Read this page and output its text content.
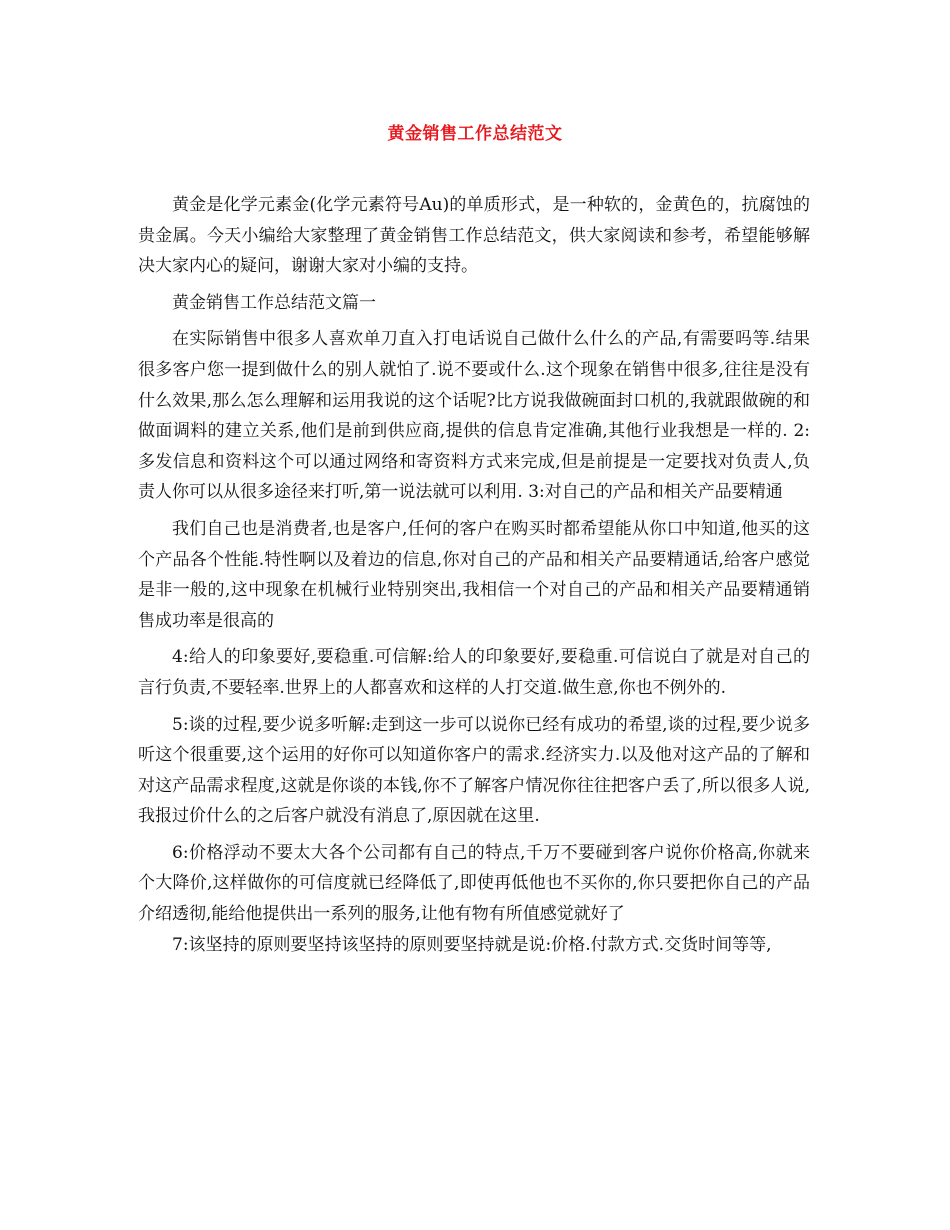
黄金销售工作总结范文

黄金是化学元素金(化学元素符号Au)的单质形式，是一种软的，金黄色的，抗腐蚀的贵金属。今天小编给大家整理了黄金销售工作总结范文，供大家阅读和参考，希望能够解决大家内心的疑问，谢谢大家对小编的支持。

黄金销售工作总结范文篇一

在实际销售中很多人喜欢单刀直入打电话说自己做什么什么的产品,有需要吗等.结果很多客户您一提到做什么的别人就怕了.说不要或什么.这个现象在销售中很多,往往是没有什么效果,那么怎么理解和运用我说的这个话呢?比方说我做碗面封口机的,我就跟做碗的和做面调料的建立关系,他们是前到供应商,提供的信息肯定准确,其他行业我想是一样的. 2:多发信息和资料这个可以通过网络和寄资料方式来完成,但是前提是一定要找对负责人,负责人你可以从很多途径来打听,第一说法就可以利用. 3:对自己的产品和相关产品要精通

我们自己也是消费者,也是客户,任何的客户在购买时都希望能从你口中知道,他买的这个产品各个性能.特性啊以及着边的信息,你对自己的产品和相关产品要精通话,给客户感觉是非一般的,这中现象在机械行业特别突出,我相信一个对自己的产品和相关产品要精通销售成功率是很高的

4:给人的印象要好,要稳重.可信解:给人的印象要好,要稳重.可信说白了就是对自己的言行负责,不要轻率.世界上的人都喜欢和这样的人打交道.做生意,你也不例外的.

5:谈的过程,要少说多听解:走到这一步可以说你已经有成功的希望,谈的过程,要少说多听这个很重要,这个运用的好你可以知道你客户的需求.经济实力.以及他对这产品的了解和对这产品需求程度,这就是你谈的本钱,你不了解客户情况你往往把客户丢了,所以很多人说,我报过价什么的之后客户就没有消息了,原因就在这里.

6:价格浮动不要太大各个公司都有自己的特点,千万不要碰到客户说你价格高,你就来个大降价,这样做你的可信度就已经降低了,即使再低他也不买你的,你只要把你自己的产品介绍透彻,能给他提供出一系列的服务,让他有物有所值感觉就好了

7:该坚持的原则要坚持该坚持的原则要坚持就是说:价格.付款方式.交货时间等等,
